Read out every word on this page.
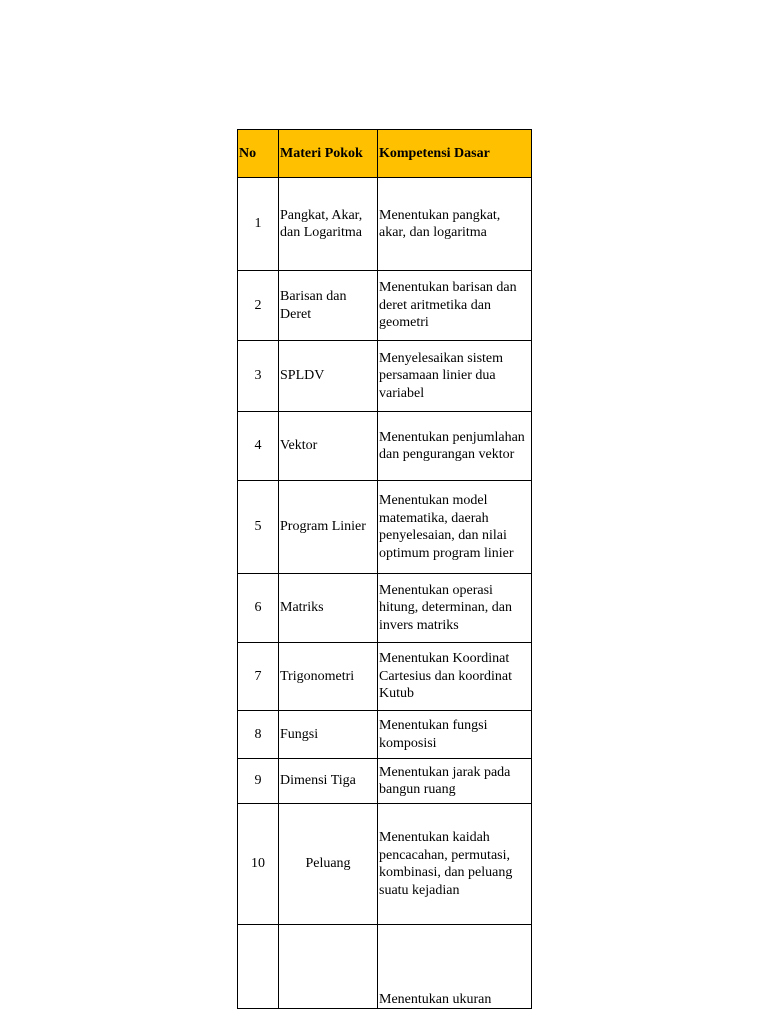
No	Materi Pokok	Kompetensi Dasar
1	Pangkat, Akar, dan Logaritma	Menentukan pangkat, akar, dan logaritma
2	Barisan dan Deret	Menentukan barisan dan deret aritmetika dan geometri
3	SPLDV	Menyelesaikan sistem persamaan linier dua variabel
4	Vektor	Menentukan penjumlahan dan pengurangan vektor
5	Program Linier	Menentukan model matematika, daerah penyelesaian, dan nilai optimum program linier
6	Matriks	Menentukan operasi hitung, determinan, dan invers matriks
7	Trigonometri	Menentukan Koordinat Cartesius dan koordinat Kutub
8	Fungsi	Menentukan fungsi komposisi
9	Dimensi Tiga	Menentukan jarak pada bangun ruang
10	Peluang	Menentukan kaidah pencacahan, permutasi, kombinasi, dan peluang suatu kejadian
		Menentukan ukuran
